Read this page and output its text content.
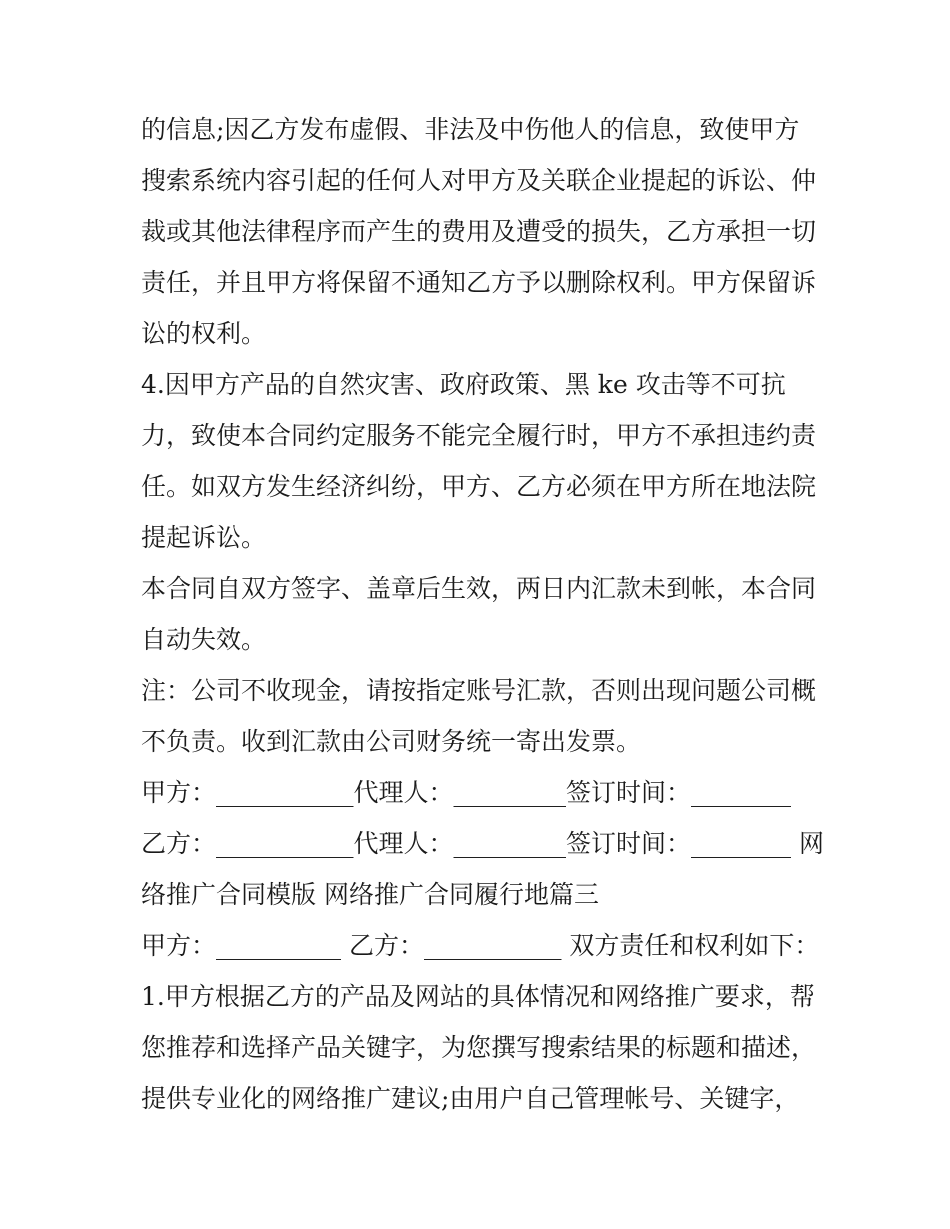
的信息;因乙方发布虚假、非法及中伤他人的信息，致使甲方
搜索系统内容引起的任何人对甲方及关联企业提起的诉讼、仲
裁或其他法律程序而产生的费用及遭受的损失，乙方承担一切
责任，并且甲方将保留不通知乙方予以删除权利。甲方保留诉
讼的权利。
4.因甲方产品的自然灾害、政府政策、黑 ke 攻击等不可抗
力，致使本合同约定服务不能完全履行时，甲方不承担违约责
任。如双方发生经济纠纷，甲方、乙方必须在甲方所在地法院
提起诉讼。
本合同自双方签字、盖章后生效，两日内汇款未到帐，本合同
自动失效。
注：公司不收现金，请按指定账号汇款，否则出现问题公司概
不负责。收到汇款由公司财务统一寄出发票。
甲方：___________代理人：_________签订时间：________
乙方：___________代理人：_________签订时间：________ 网
络推广合同模版 网络推广合同履行地篇三
甲方：__________ 乙方：___________ 双方责任和权利如下：
1.甲方根据乙方的产品及网站的具体情况和网络推广要求，帮
您推荐和选择产品关键字，为您撰写搜索结果的标题和描述，
提供专业化的网络推广建议;由用户自己管理帐号、关键字，
